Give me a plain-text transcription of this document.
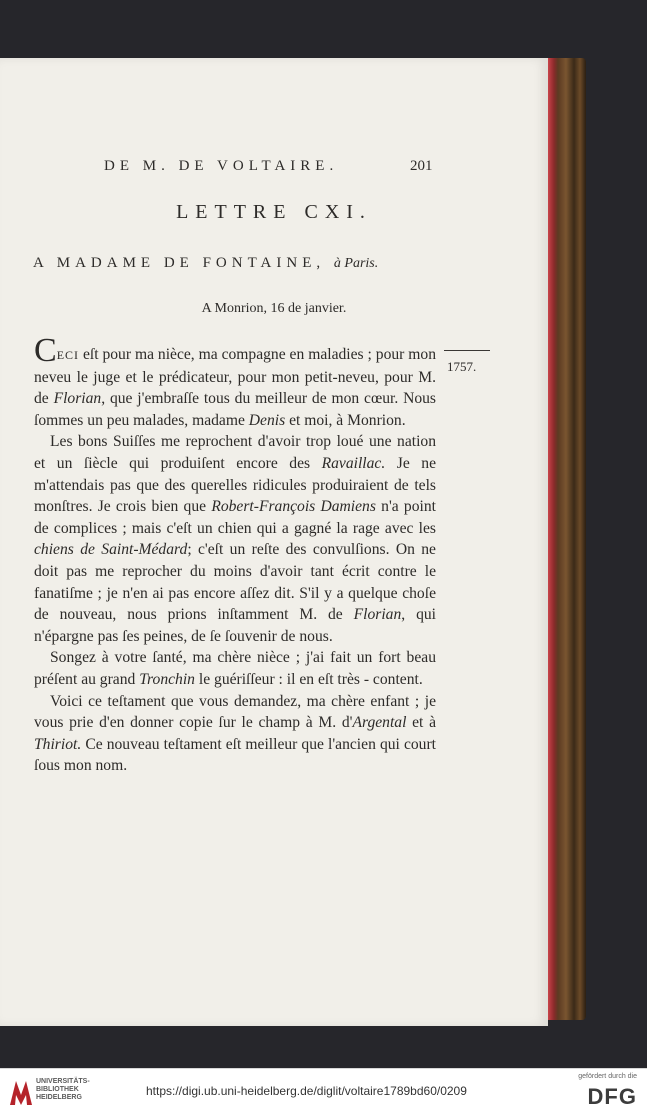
DE M. DE VOLTAIRE.	201
LETTRE CXI.
A MADAME DE FONTAINE, à Paris.
A Monrion, 16 de janvier.
1757.

CECI eſt pour ma nièce, ma compagne en maladies ; pour mon neveu le juge et le prédicateur, pour mon petit-neveu, pour M. de Florian, que j'embraſſe tous du meilleur de mon cœur. Nous ſommes un peu malades, madame Denis et moi, à Monrion.

Les bons Suiſſes me reprochent d'avoir trop loué une nation et un ſiècle qui produiſent encore des Ravaillac. Je ne m'attendais pas que des querelles ridicules produiraient de tels monſtres. Je crois bien que Robert-François Damiens n'a point de complices ; mais c'eſt un chien qui a gagné la rage avec les chiens de Saint-Médard; c'eſt un reſte des convulſions. On ne doit pas me reprocher du moins d'avoir tant écrit contre le fanatiſme ; je n'en ai pas encore aſſez dit. S'il y a quelque choſe de nouveau, nous prions inſtamment M. de Florian, qui n'épargne pas ſes peines, de ſe ſouvenir de nous.

Songez à votre ſanté, ma chère nièce ; j'ai fait un fort beau préſent au grand Tronchin le guériſſeur : il en eſt très - content.

Voici ce teſtament que vous demandez, ma chère enfant ; je vous prie d'en donner copie ſur le champ à M. d'Argental et à Thiriot. Ce nouveau teſtament eſt meilleur que l'ancien qui court ſous mon nom.

UNIVERSITÄTS-
BIBLIOTHEK
HEIDELBERG	https://digi.ub.uni-heidelberg.de/diglit/voltaire1789bd60/0209
gefördert durch die
DFG
